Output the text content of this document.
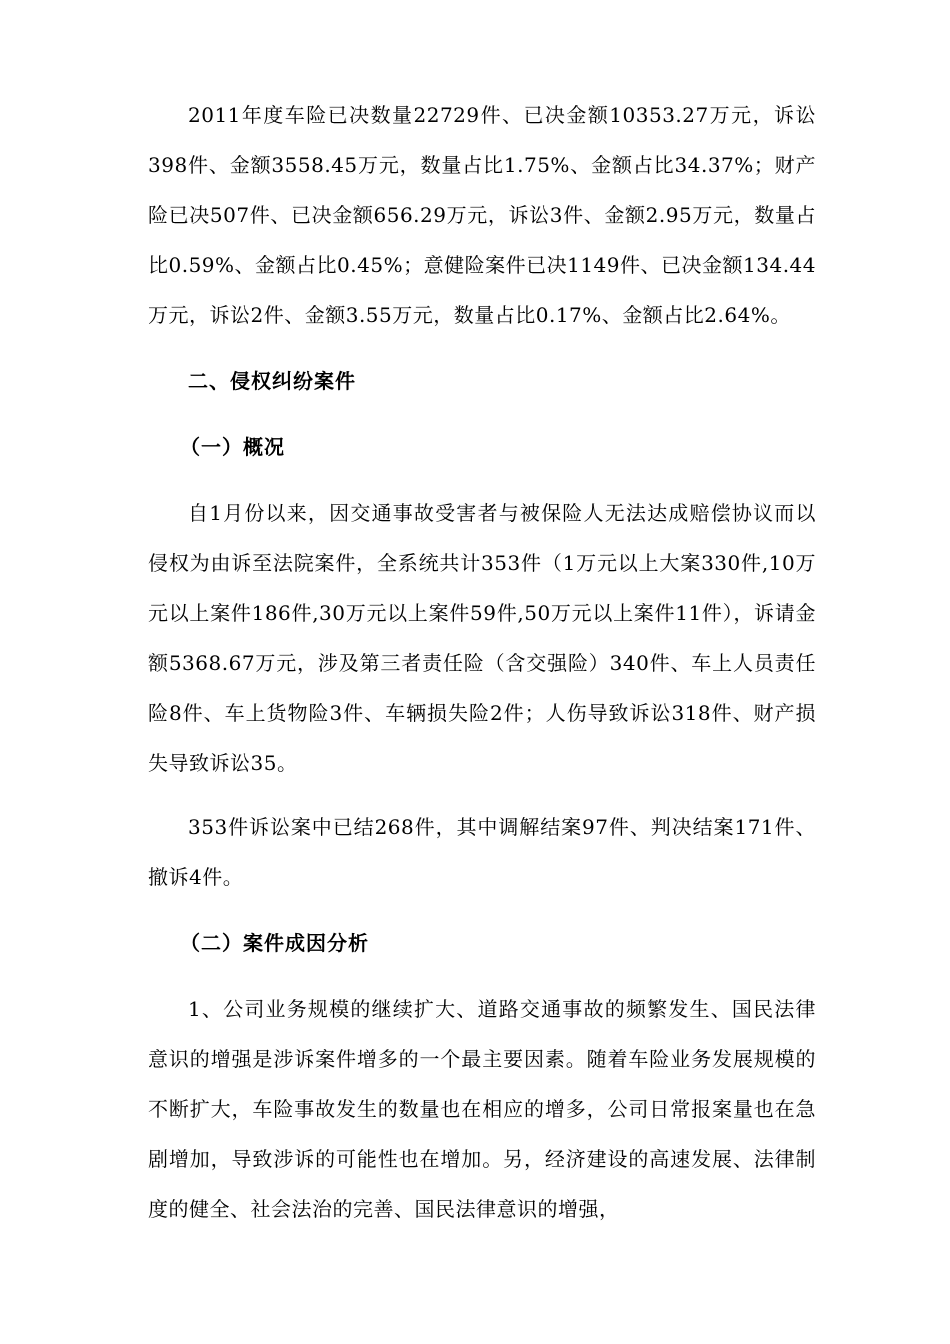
2011年度车险已决数量22729件、已决金额10353.27万元，诉讼398件、金额3558.45万元，数量占比1.75%、金额占比34.37%；财产险已决507件、已决金额656.29万元，诉讼3件、金额2.95万元，数量占比0.59%、金额占比0.45%；意健险案件已决1149件、已决金额134.44万元，诉讼2件、金额3.55万元，数量占比0.17%、金额占比2.64%。

二、侵权纠纷案件
（一）概况

自1月份以来，因交通事故受害者与被保险人无法达成赔偿协议而以侵权为由诉至法院案件，全系统共计353件（1万元以上大案330件,10万元以上案件186件,30万元以上案件59件,50万元以上案件11件），诉请金额5368.67万元，涉及第三者责任险（含交强险）340件、车上人员责任险8件、车上货物险3件、车辆损失险2件；人伤导致诉讼318件、财产损失导致诉讼35。

353件诉讼案中已结268件，其中调解结案97件、判决结案171件、撤诉4件。

（二）案件成因分析

1、公司业务规模的继续扩大、道路交通事故的频繁发生、国民法律意识的增强是涉诉案件增多的一个最主要因素。随着车险业务发展规模的不断扩大，车险事故发生的数量也在相应的增多，公司日常报案量也在急剧增加，导致涉诉的可能性也在增加。另，经济建设的高速发展、法律制度的健全、社会法治的完善、国民法律意识的增强，
